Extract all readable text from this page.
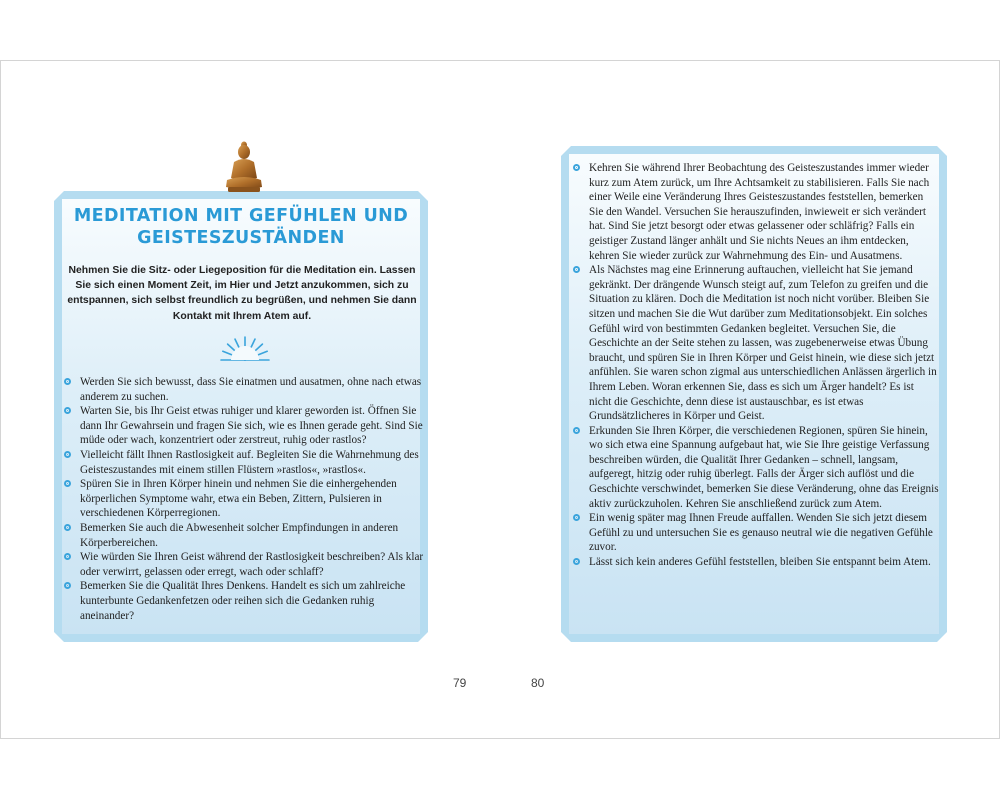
MEDITATION MIT GEFÜHLEN UND GEISTESZUSTÄNDEN

Nehmen Sie die Sitz- oder Liegeposition für die Meditation ein. Lassen Sie sich einen Moment Zeit, im Hier und Jetzt anzukommen, sich zu entspannen, sich selbst freundlich zu begrüßen, und nehmen Sie dann Kontakt mit Ihrem Atem auf.

Werden Sie sich bewusst, dass Sie einatmen und ausatmen, ohne nach etwas anderem zu suchen.
Warten Sie, bis Ihr Geist etwas ruhiger und klarer geworden ist. Öffnen Sie dann Ihr Gewahrsein und fragen Sie sich, wie es Ihnen gerade geht. Sind Sie müde oder wach, konzentriert oder zerstreut, ruhig oder rastlos?
Vielleicht fällt Ihnen Rastlosigkeit auf. Begleiten Sie die Wahrnehmung des Geisteszustandes mit einem stillen Flüstern »rastlos«, »rastlos«.
Spüren Sie in Ihren Körper hinein und nehmen Sie die einhergehenden körperlichen Symptome wahr, etwa ein Beben, Zittern, Pulsieren in verschiedenen Körperregionen.
Bemerken Sie auch die Abwesenheit solcher Empfindungen in anderen Körperbereichen.
Wie würden Sie Ihren Geist während der Rastlosigkeit beschreiben? Als klar oder verwirrt, gelassen oder erregt, wach oder schlaff?
Bemerken Sie die Qualität Ihres Denkens. Handelt es sich um zahlreiche kunterbunte Gedankenfetzen oder reihen sich die Gedanken ruhig aneinander?
Kehren Sie während Ihrer Beobachtung des Geisteszustandes immer wieder kurz zum Atem zurück, um Ihre Achtsamkeit zu stabilisieren. Falls Sie nach einer Weile eine Veränderung Ihres Geisteszustandes feststellen, bemerken Sie den Wandel. Versuchen Sie herauszufinden, inwieweit er sich verändert hat. Sind Sie jetzt besorgt oder etwas gelassener oder schläfrig? Falls ein geistiger Zustand länger anhält und Sie nichts Neues an ihm entdecken, kehren Sie wieder zurück zur Wahrnehmung des Ein- und Ausatmens.
Als Nächstes mag eine Erinnerung auftauchen, vielleicht hat Sie jemand gekränkt. Der drängende Wunsch steigt auf, zum Telefon zu greifen und die Situation zu klären. Doch die Meditation ist noch nicht vorüber. Bleiben Sie sitzen und machen Sie die Wut darüber zum Meditationsobjekt. Ein solches Gefühl wird von bestimmten Gedanken begleitet. Versuchen Sie, die Geschichte an der Seite stehen zu lassen, was zugebenerweise etwas Übung braucht, und spüren Sie in Ihren Körper und Geist hinein, wie diese sich jetzt anfühlen. Sie waren schon zigmal aus unterschiedlichen Anlässen ärgerlich in Ihrem Leben. Woran erkennen Sie, dass es sich um Ärger handelt? Es ist nicht die Geschichte, denn diese ist austauschbar, es ist etwas Grundsätzlicheres in Körper und Geist.
Erkunden Sie Ihren Körper, die verschiedenen Regionen, spüren Sie hinein, wo sich etwa eine Spannung aufgebaut hat, wie Sie Ihre geistige Verfassung beschreiben würden, die Qualität Ihrer Gedanken – schnell, langsam, aufgeregt, hitzig oder ruhig überlegt. Falls der Ärger sich auflöst und die Geschichte verschwindet, bemerken Sie diese Veränderung, ohne das Ereignis aktiv zurückzuholen. Kehren Sie anschließend zurück zum Atem.
Ein wenig später mag Ihnen Freude auffallen. Wenden Sie sich jetzt diesem Gefühl zu und untersuchen Sie es genauso neutral wie die negativen Gefühle zuvor.
Lässt sich kein anderes Gefühl feststellen, bleiben Sie entspannt beim Atem.
79	80
